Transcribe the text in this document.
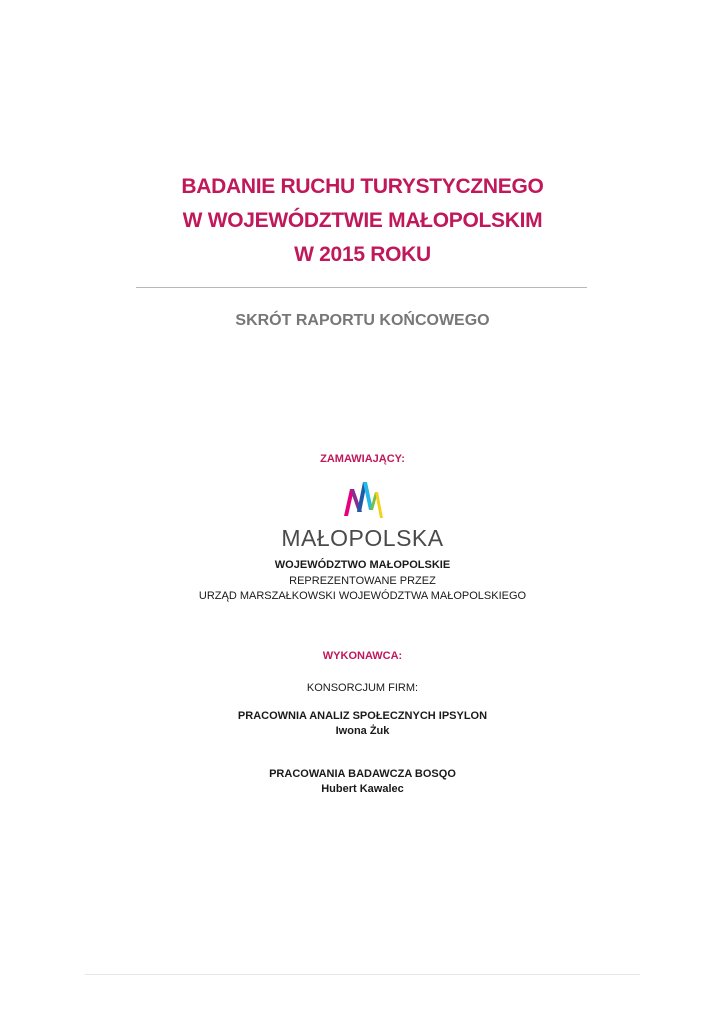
BADANIE RUCHU TURYSTYCZNEGO
W WOJEWÓDZTWIE MAŁOPOLSKIM
W 2015 ROKU
SKRÓT RAPORTU KOŃCOWEGO
ZAMAWIAJĄCY:
MAŁOPOLSKA
WOJEWÓDZTWO MAŁOPOLSKIE
REPREZENTOWANE PRZEZ
URZĄD MARSZAŁKOWSKI WOJEWÓDZTWA MAŁOPOLSKIEGO
WYKONAWCA:
KONSORCJUM FIRM:
PRACOWNIA ANALIZ SPOŁECZNYCH IPSYLON
Iwona Żuk
PRACOWANIA BADAWCZA BOSQO
Hubert Kawalec
